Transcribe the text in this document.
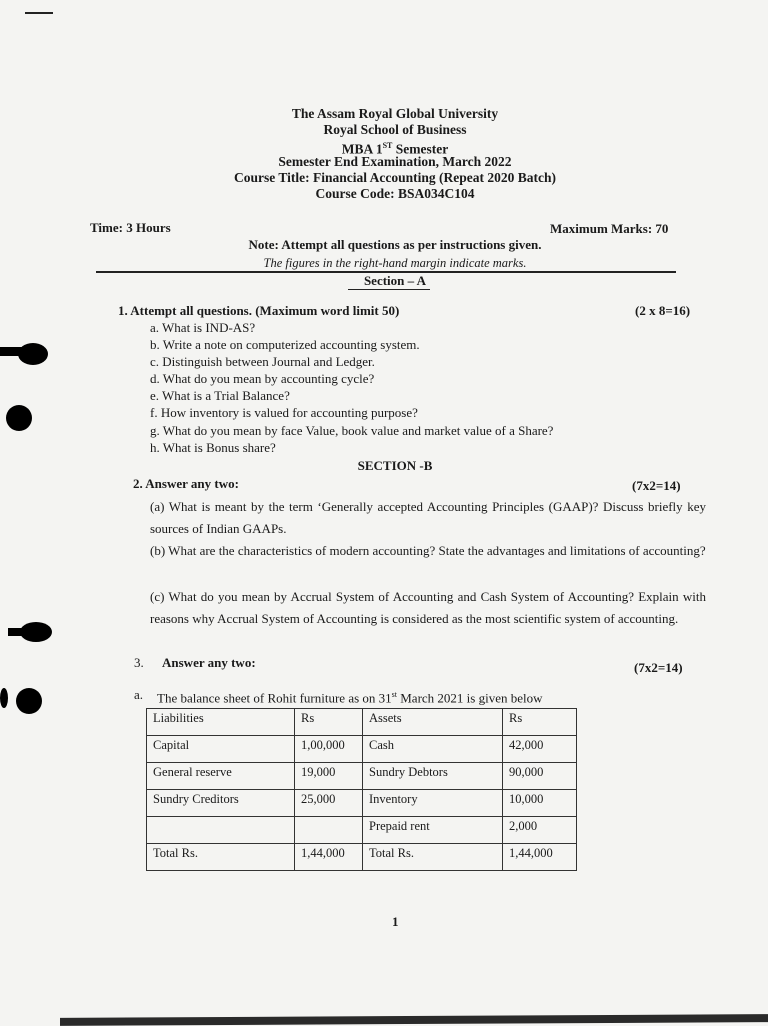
The Assam Royal Global University
Royal School of Business
MBA 1ST Semester
Semester End Examination, March 2022
Course Title: Financial Accounting (Repeat 2020 Batch)
Course Code: BSA034C104
Time: 3 Hours	Maximum Marks: 70
Note: Attempt all questions as per instructions given.
The figures in the right-hand margin indicate marks.
Section – A
1. Attempt all questions. (Maximum word limit 50)	(2 x 8=16)
a. What is IND-AS?
b. Write a note on computerized accounting system.
c. Distinguish between Journal and Ledger.
d. What do you mean by accounting cycle?
e. What is a Trial Balance?
f. How inventory is valued for accounting purpose?
g. What do you mean by face Value, book value and market value of a Share?
h. What is Bonus share?
SECTION -B
2. Answer any two:	(7x2=14)
(a) What is meant by the term ‘Generally accepted Accounting Principles (GAAP)? Discuss briefly key sources of Indian GAAPs.
(b) What are the characteristics of modern accounting? State the advantages and limitations of accounting?
(c) What do you mean by Accrual System of Accounting and Cash System of Accounting? Explain with reasons why Accrual System of Accounting is considered as the most scientific system of accounting.
3. Answer any two:	(7x2=14)
a. The balance sheet of Rohit furniture as on 31st March 2021 is given below
Liabilities	Rs	Assets	Rs
Capital	1,00,000	Cash	42,000
General reserve	19,000	Sundry Debtors	90,000
Sundry Creditors	25,000	Inventory	10,000
		Prepaid rent	2,000
Total Rs.	1,44,000	Total Rs.	1,44,000
1
